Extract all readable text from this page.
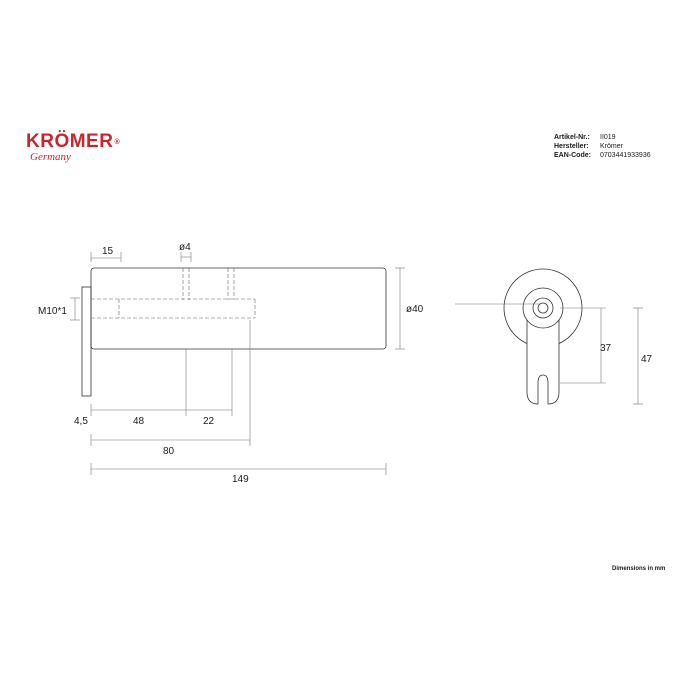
KRÖMER®
Germany
Artikel-Nr.:	II019
Hersteller:	Krömer
EAN-Code:	0703441933936
15	ø4
M10*1	ø40
4,5	48	22
80
149
37
47
Dimensions in mm
